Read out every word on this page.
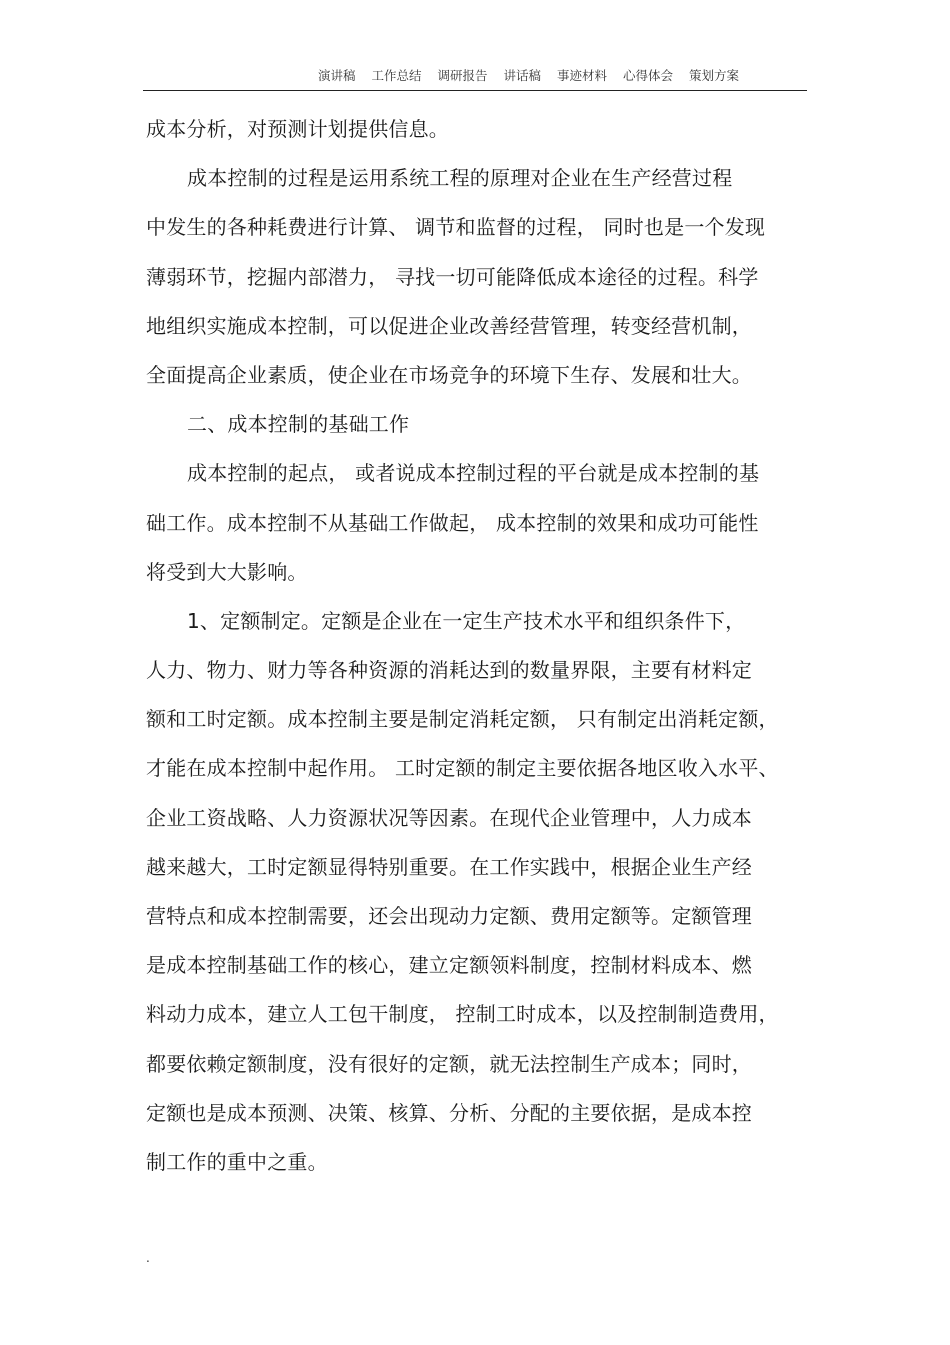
演讲稿 工作总结 调研报告 讲话稿 事迹材料 心得体会 策划方案
成本分析，对预测计划提供信息。
成本控制的过程是运用系统工程的原理对企业在生产经营过程
中发生的各种耗费进行计算、 调节和监督的过程， 同时也是一个发现
薄弱环节，挖掘内部潜力， 寻找一切可能降低成本途径的过程。科学
地组织实施成本控制，可以促进企业改善经营管理，转变经营机制，
全面提高企业素质，使企业在市场竞争的环境下生存、发展和壮大。
二、成本控制的基础工作
成本控制的起点， 或者说成本控制过程的平台就是成本控制的基
础工作。成本控制不从基础工作做起， 成本控制的效果和成功可能性
将受到大大影响。
1、定额制定。定额是企业在一定生产技术水平和组织条件下，
人力、物力、财力等各种资源的消耗达到的数量界限，主要有材料定
额和工时定额。成本控制主要是制定消耗定额， 只有制定出消耗定额，
才能在成本控制中起作用。 工时定额的制定主要依据各地区收入水平、
企业工资战略、人力资源状况等因素。在现代企业管理中，人力成本
越来越大，工时定额显得特别重要。在工作实践中，根据企业生产经
营特点和成本控制需要，还会出现动力定额、费用定额等。定额管理
是成本控制基础工作的核心，建立定额领料制度，控制材料成本、燃
料动力成本，建立人工包干制度， 控制工时成本，以及控制制造费用，
都要依赖定额制度，没有很好的定额，就无法控制生产成本；同时，
定额也是成本预测、决策、核算、分析、分配的主要依据，是成本控
制工作的重中之重。
.
